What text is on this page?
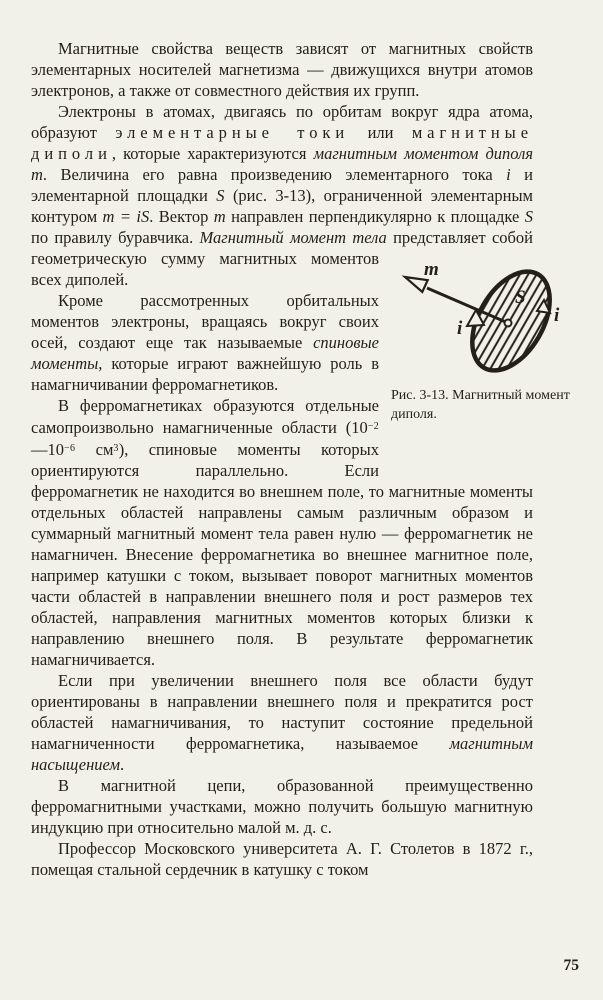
Магнитные свойства веществ зависят от магнитных свойств элементарных носителей магнетизма — движущихся внутри атомов электронов, а также от совместного действия их групп.
Электроны в атомах, двигаясь по орбитам вокруг ядра атома, образуют элементарные токи или магнитные диполи, которые характеризуются магнитным моментом диполя m. Величина его равна произведению элементарного тока i и элементарной площадки S (рис. 3-13), ограниченной элементарным контуром m = iS. Вектор m направлен перпендикулярно к площадке S по правилу буравчика. Магнитный момент тела представляет
m
S
i
i
Рис. 3-13. Магнитный момент диполя.
собой геометрическую сумму магнитных моментов всех диполей.
Кроме рассмотренных орбитальных моментов электроны, вращаясь вокруг своих осей, создают еще так называемые спиновые моменты, которые играют важнейшую роль в намагничивании ферромагнетиков.
В ферромагнетиках образуются отдельные самопроизвольно намагниченные области ($10^{-2}—10^{-6}$ $см^3$), спиновые моменты которых ориентируются параллельно. Если ферромагнетик не находится во внешнем поле, то магнитные моменты отдельных областей направлены самым различным образом и суммарный магнитный момент тела равен нулю — ферромагнетик не намагничен. Внесение ферромагнетика во внешнее магнитное поле, например катушки с током, вызывает поворот магнитных моментов части областей в направлении внешнего поля и рост размеров тех областей, направления магнитных моментов которых близки к направлению внешнего поля. В результате ферромагнетик намагничивается.
Если при увеличении внешнего поля все области будут ориентированы в направлении внешнего поля и прекратится рост областей намагничивания, то наступит состояние предельной намагниченности ферромагнетика, называемое магнитным насыщением.
В магнитной цепи, образованной преимущественно ферромагнитными участками, можно получить большую магнитную индукцию при относительно малой м. д. с.
Профессор Московского университета А. Г. Столетов в 1872 г., помещая стальной сердечник в катушку с током
75
